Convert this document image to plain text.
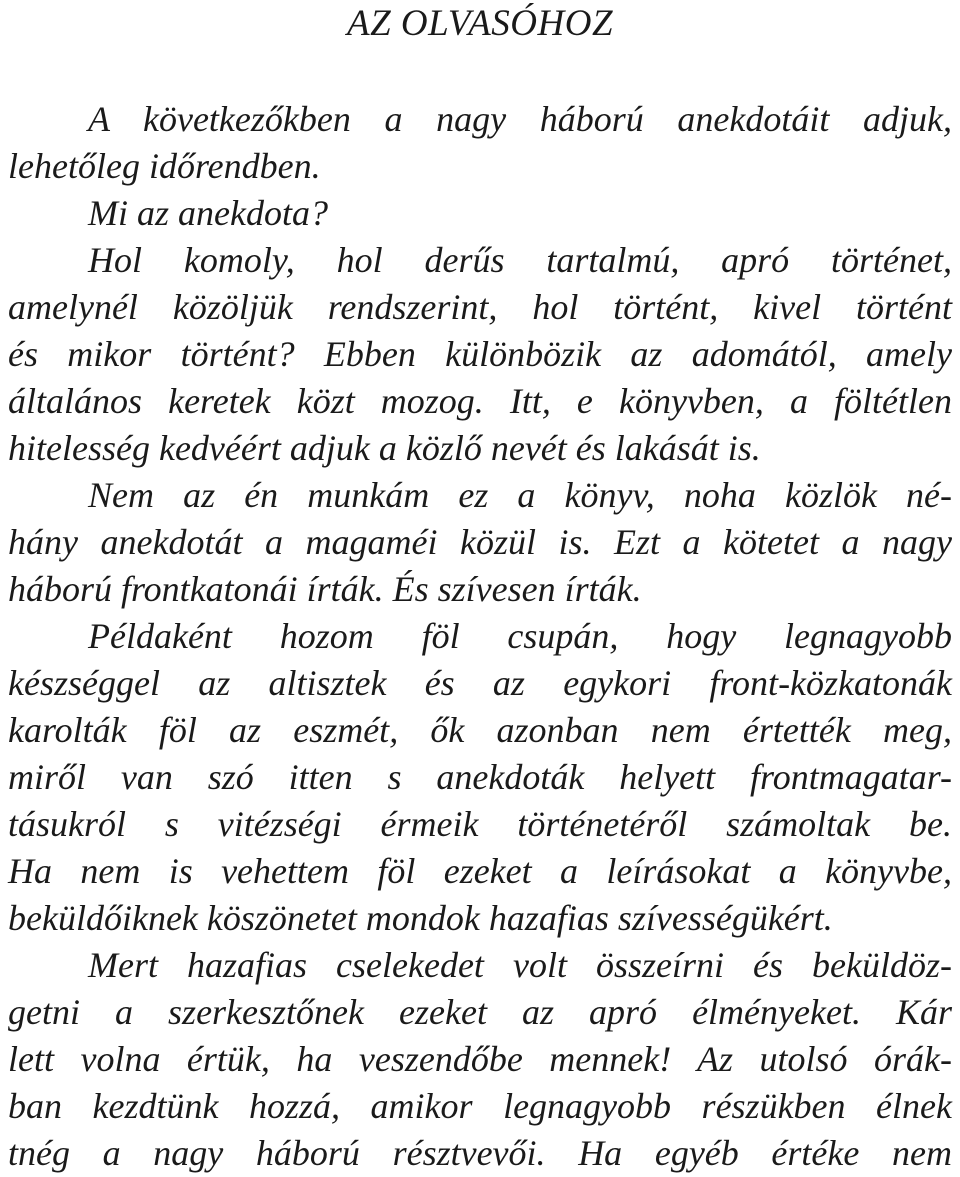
AZ OLVASÓHOZ
A következőkben a nagy háború anekdotáit adjuk,
lehetőleg időrendben.
Mi az anekdota?
Hol komoly, hol derűs tartalmú, apró történet,
amelynél közöljük rendszerint, hol történt, kivel történt
és mikor történt? Ebben különbözik az adomától, amely
általános keretek közt mozog. Itt, e könyvben, a föltétlen
hitelesség kedvéért adjuk a közlő nevét és lakását is.
Nem az én munkám ez a könyv, noha közlök né-
hány anekdotát a magaméi közül is. Ezt a kötetet a nagy
háború frontkatonái írták. És szívesen írták.
Példaként hozom föl csupán, hogy legnagyobb
készséggel az altisztek és az egykori front-közkatonák
karolták föl az eszmét, ők azonban nem értették meg,
miről van szó itten s anekdoták helyett frontmagatar-
tásukról s vitézségi érmeik történetéről számoltak be.
Ha nem is vehettem föl ezeket a leírásokat a könyvbe,
beküldőiknek köszönetet mondok hazafias szívességükért.
Mert hazafias cselekedet volt összeírni és beküldöz-
getni a szerkesztőnek ezeket az apró élményeket. Kár
lett volna értük, ha veszendőbe mennek! Az utolsó órák-
ban kezdtünk hozzá, amikor legnagyobb részükben élnek
tnég a nagy háború résztvevői. Ha egyéb értéke nem
